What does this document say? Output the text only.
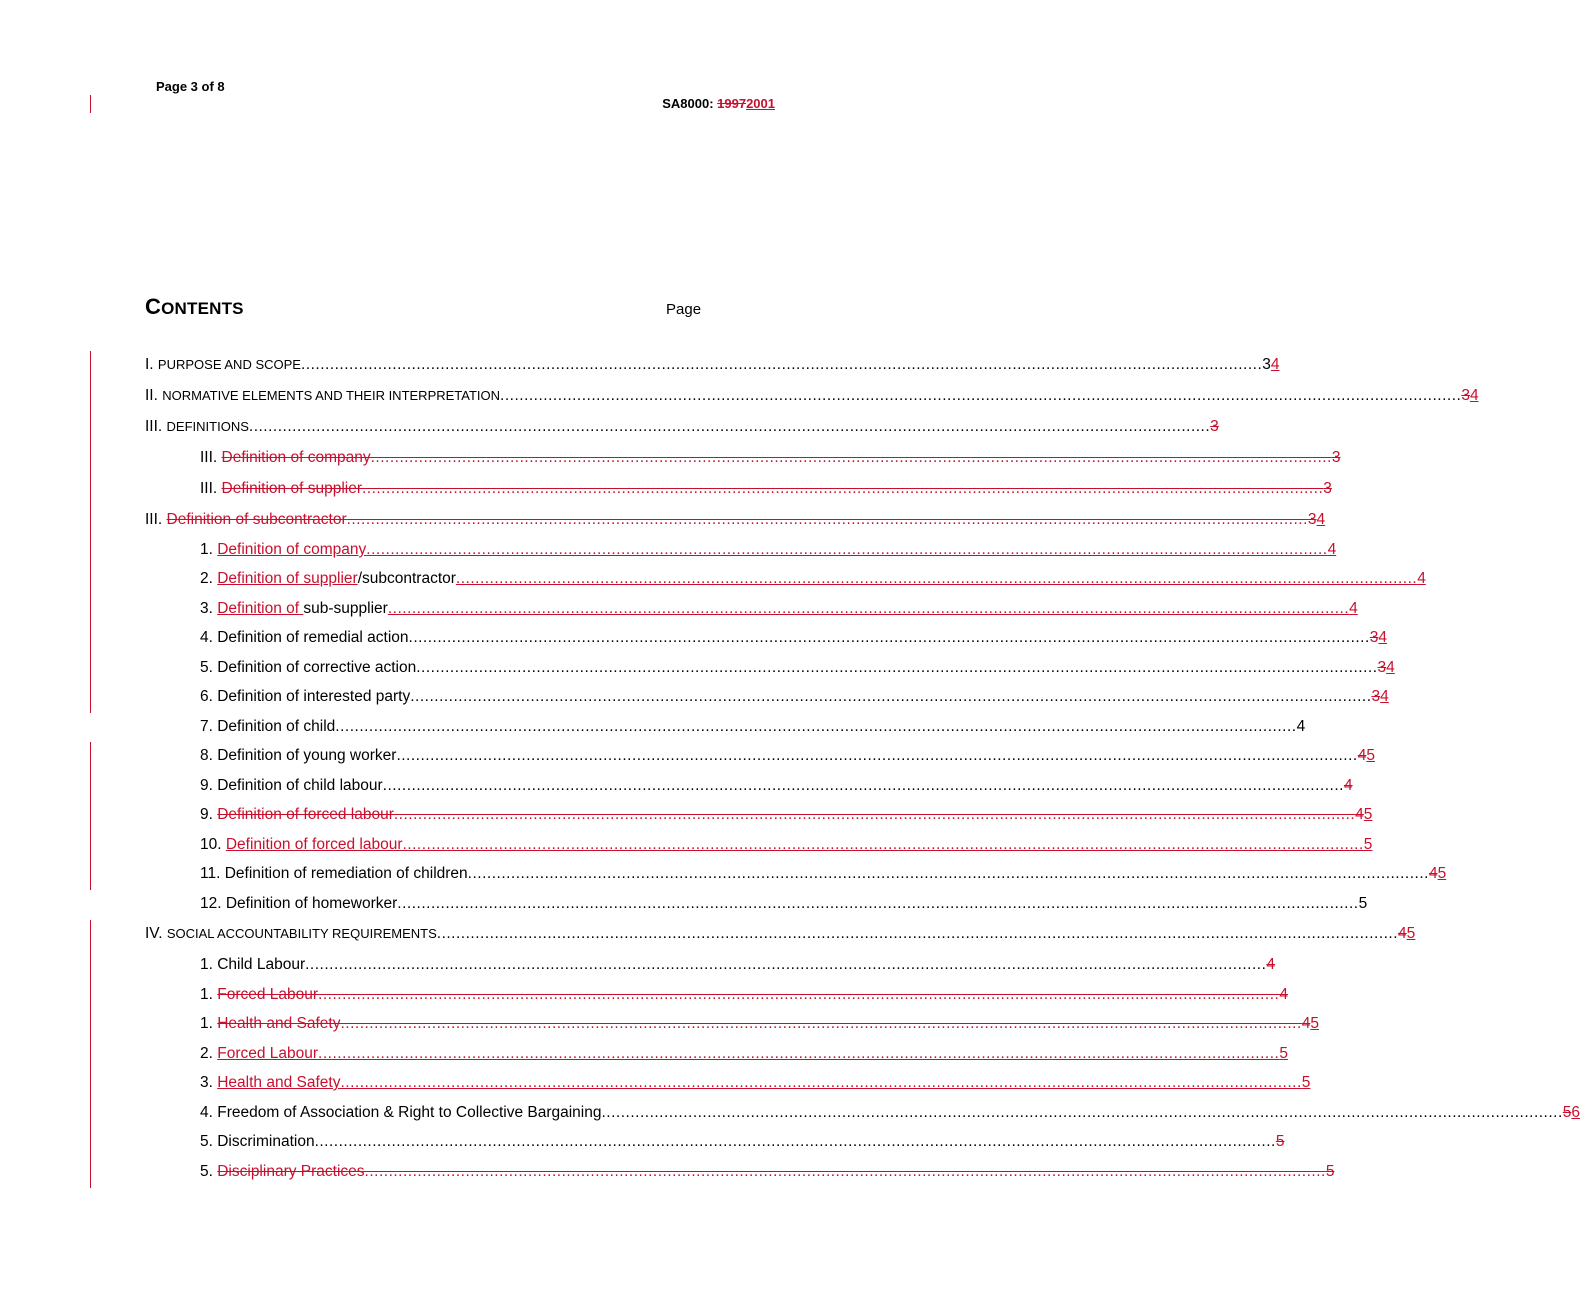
Page 3 of 8
SA8000: 19972001
CONTENTS	Page
I. PURPOSE AND SCOPE ........................................................................................................................................................................................................ 34
II. NORMATIVE ELEMENTS AND THEIR INTERPRETATION ........................................................................................................................................................................................................ 34
III. DEFINITIONS ........................................................................................................................................................................................................ 3
III. Definition of company ........................................................................................................................................................................................................ 3
III. Definition of supplier ........................................................................................................................................................................................................ 3
III. Definition of subcontractor ........................................................................................................................................................................................................ 34
1. Definition of company ........................................................................................................................................................................................................ 4
2. Definition of supplier/subcontractor ........................................................................................................................................................................................................ 4
3. Definition of sub-supplier ........................................................................................................................................................................................................ 4
4. Definition of remedial action ........................................................................................................................................................................................................ 34
5. Definition of corrective action ........................................................................................................................................................................................................ 34
6. Definition of interested party ........................................................................................................................................................................................................ 34
7. Definition of child ........................................................................................................................................................................................................ 4
8. Definition of young worker ........................................................................................................................................................................................................ 45
9. Definition of child labour ........................................................................................................................................................................................................ 4
9. Definition of forced labour ........................................................................................................................................................................................................ 45
10. Definition of forced labour ........................................................................................................................................................................................................ 5
11. Definition of remediation of children ........................................................................................................................................................................................................ 45
12. Definition of homeworker ........................................................................................................................................................................................................ 5
IV. SOCIAL ACCOUNTABILITY REQUIREMENTS ........................................................................................................................................................................................................ 45
1. Child Labour ........................................................................................................................................................................................................ 4
1. Forced Labour ........................................................................................................................................................................................................ 4
1. Health and Safety ........................................................................................................................................................................................................ 45
2. Forced Labour ........................................................................................................................................................................................................ 5
3. Health and Safety ........................................................................................................................................................................................................ 5
4. Freedom of Association & Right to Collective Bargaining ........................................................................................................................................................................................................ 56
5. Discrimination ........................................................................................................................................................................................................ 5
5. Disciplinary Practices ........................................................................................................................................................................................................ 5
